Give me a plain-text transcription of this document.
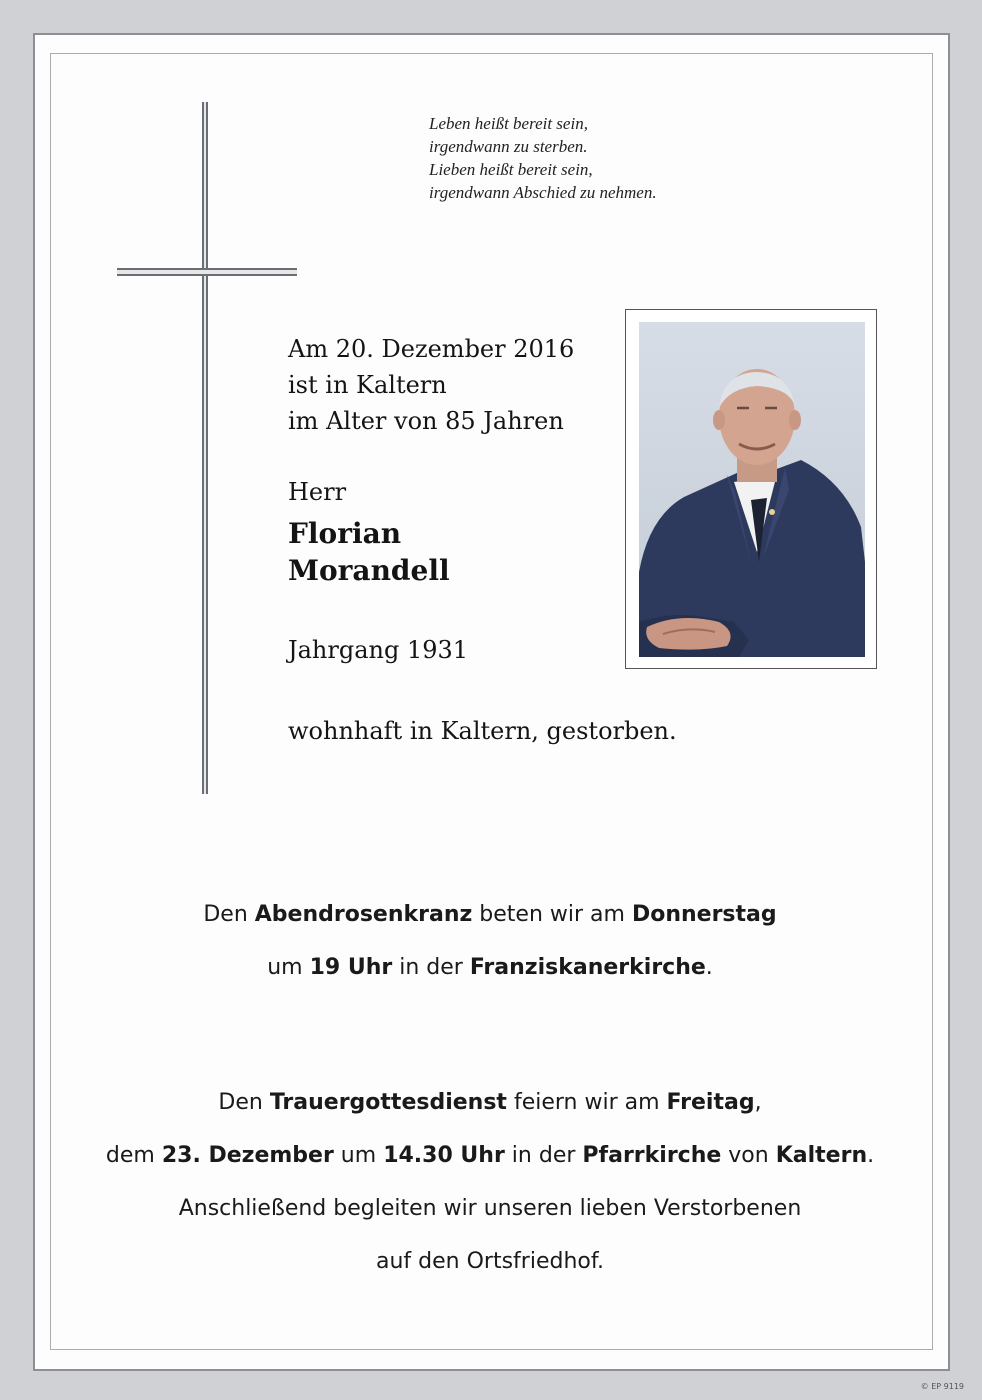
Leben heißt bereit sein,
irgendwann zu sterben.
Lieben heißt bereit sein,
irgendwann Abschied zu nehmen.
Am 20. Dezember 2016
ist in Kaltern
im Alter von 85 Jahren
Herr
Florian
Morandell
Jahrgang 1931
wohnhaft in Kaltern, gestorben.
Den Abendrosenkranz beten wir am Donnerstag
um 19 Uhr in der Franziskanerkirche.
Den Trauergottesdienst feiern wir am Freitag,
dem 23. Dezember um 14.30 Uhr in der Pfarrkirche von Kaltern.
Anschließend begleiten wir unseren lieben Verstorbenen
auf den Ortsfriedhof.
© EP 9119
